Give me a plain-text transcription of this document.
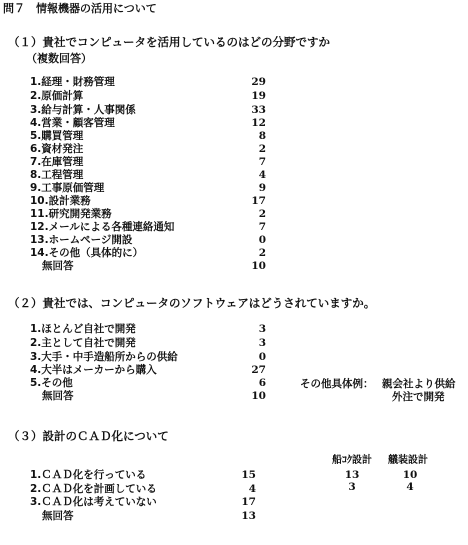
問７　情報機器の活用について
（１）貴社でコンピュータを活用しているのはどの分野ですか
（複数回答）
1.経理・財務管理	29
2.原価計算	19
3.給与計算・人事関係	33
4.営業・顧客管理	12
5.購買管理	8
6.資材発注	2
7.在庫管理	7
8.工程管理	4
9.工事原価管理	9
10.設計業務	17
11.研究開発業務	2
12.メールによる各種連絡通知	7
13.ホームページ開設	0
14.その他（具体的に）	2
無回答	10
（２）貴社では、コンピュータのソフトウェアはどうされていますか。
1.ほとんど自社で開発	3
2.主として自社で開発	3
3.大手・中手造船所からの供給	0
4.大半はメーカーから購入	27
5.その他	6
無回答	10
その他具体例： 親会社より供給
外注で開発
（３）設計のＣＡＤ化について
船ｺｸ設計 艤装設計
1.ＣＡＤ化を行っている	15	13	10
2.ＣＡＤ化を計画している	4	3	4
3.ＣＡＤ化は考えていない	17
無回答	13
